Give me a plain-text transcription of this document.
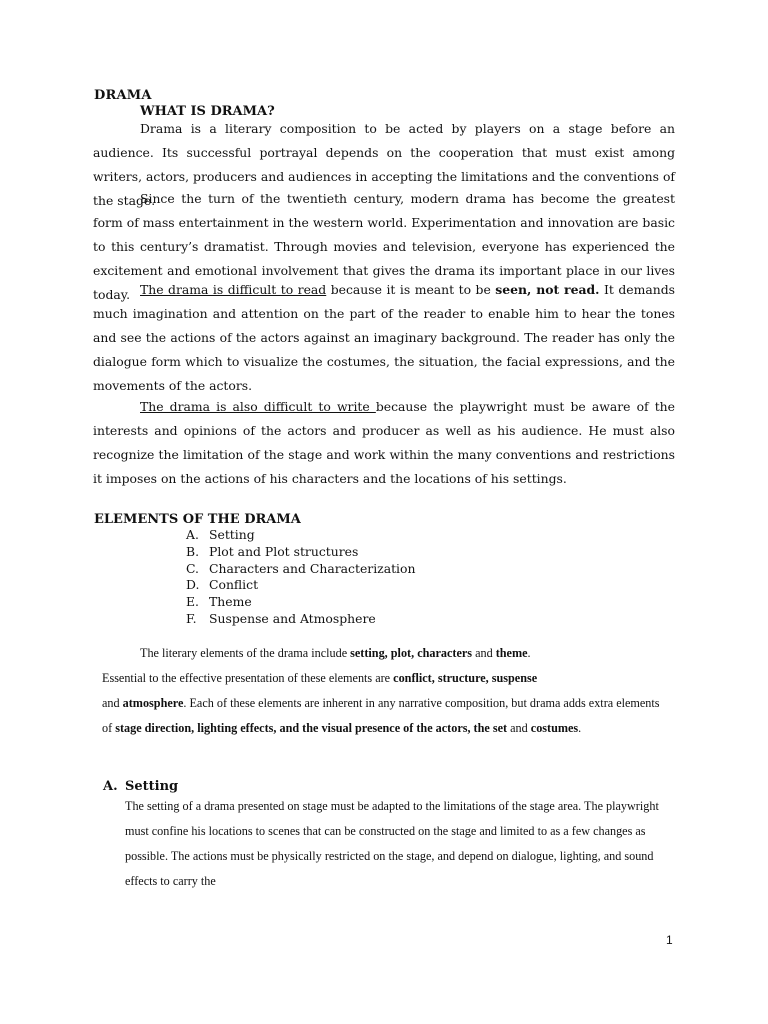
DRAMA
WHAT IS DRAMA?

Drama is a literary composition to be acted by players on a stage before an audience. Its successful portrayal depends on the cooperation that must exist among writers, actors, producers and audiences in accepting the limitations and the conventions of the stage.

Since the turn of the twentieth century, modern drama has become the greatest form of mass entertainment in the western world. Experimentation and innovation are basic to this century’s dramatist. Through movies and television, everyone has experienced the excitement and emotional involvement that gives the drama its important place in our lives today. The drama is difficult to read because it is meant to be seen, not read. It demands much imagination and attention on the part of the reader to enable him to hear the tones and see the actions of the actors against an imaginary background. The reader has only the dialogue form which to visualize the costumes, the situation, the facial expressions, and the movements of the actors.

The drama is also difficult to write because the playwright must be aware of the interests and opinions of the actors and producer as well as his audience. He must also recognize the limitation of the stage and work within the many conventions and restrictions it imposes on the actions of his characters and the locations of his settings.

ELEMENTS OF THE DRAMA
A. Setting
B. Plot and Plot structures
C. Characters and Characterization
D. Conflict
E. Theme
F. Suspense and Atmosphere

The literary elements of the drama include setting, plot, characters and theme.

Essential to the effective presentation of these elements are conflict, structure, suspense
and atmosphere. Each of these elements are inherent in any narrative composition, but drama adds extra elements of stage direction, lighting effects, and the visual presence of the actors, the set and costumes.

A. Setting

The setting of a drama presented on stage must be adapted to the limitations of the stage area. The playwright must confine his locations to scenes that can be constructed on the stage and limited to as a few changes as possible. The actions must be physically restricted on the stage, and depend on dialogue, lighting, and sound effects to carry the

1
